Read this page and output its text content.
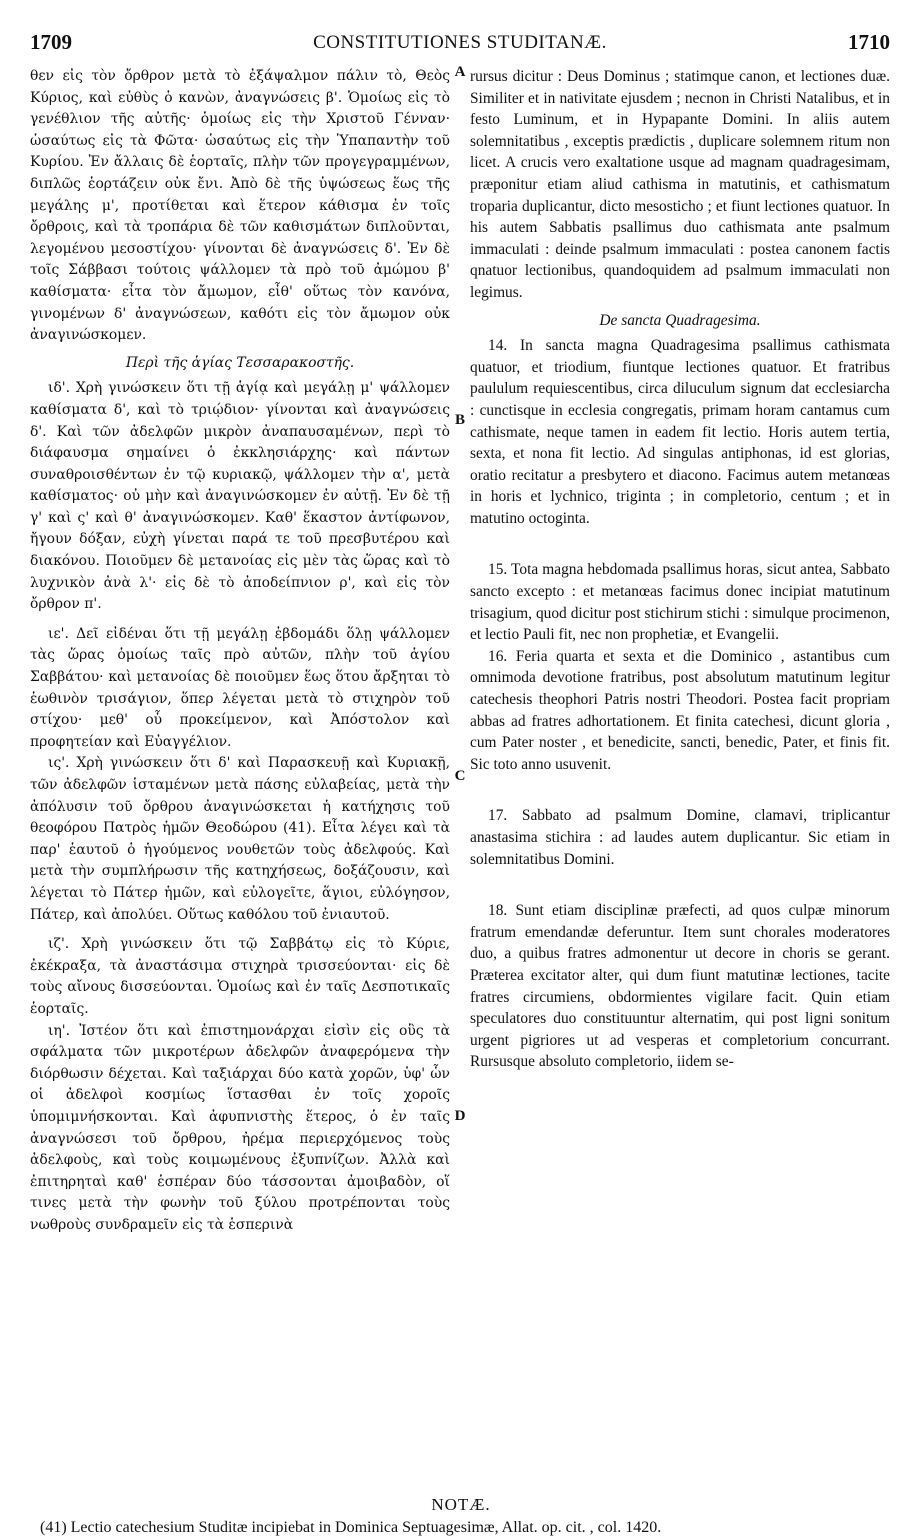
1709	CONSTITUTIONES STUDITANÆ.	1710

θεν εἰς τὸν ὄρθρον μετὰ τὸ ἐξάψαλμον πάλιν τὸ, Θεὸς Κύριος, καὶ εὐθὺς ὁ κανὼν, ἀναγνώσεις β'. Ὁμοίως εἰς τὸ γενέθλιον τῆς αὐτῆς· ὁμοίως εἰς τὴν Χριστοῦ Γένναν· ὡσαύτως εἰς τὰ Φῶτα· ὡσαύτως εἰς τὴν Ὑπαπαντὴν τοῦ Κυρίου. Ἐν ἄλλαις δὲ ἑορταῖς, πλὴν τῶν προγεγραμμένων, διπλῶς ἑορτάζειν οὐκ ἔνι. Ἀπὸ δὲ τῆς ὑψώσεως ἕως τῆς μεγάλης μ', προτίθεται καὶ ἕτερον κάθισμα ἐν τοῖς ὄρθροις, καὶ τὰ τροπάρια δὲ τῶν καθισμάτων διπλοῦνται, λεγομένου μεσοστίχου· γίνονται δὲ ἀναγνώσεις δ'. Ἐν δὲ τοῖς Σάββασι τούτοις ψάλλομεν τὰ πρὸ τοῦ ἀμώμου β' καθίσματα· εἶτα τὸν ἄμωμον, εἶθ' οὕτως τὸν κανόνα, γινομένων δ' ἀναγνώσεων, καθότι εἰς τὸν ἄμωμον οὐκ ἀναγινώσκομεν.

Περὶ τῆς ἁγίας Τεσσαρακοστῆς.

ιδ'. Χρὴ γινώσκειν ὅτι τῇ ἁγίᾳ καὶ μεγάλῃ μ' ψάλλομεν καθίσματα δ', καὶ τὸ τριῴδιον· γίνονται καὶ ἀναγνώσεις δ'. Καὶ τῶν ἀδελφῶν μικρὸν ἀναπαυσαμένων, περὶ τὸ διάφαυσμα σημαίνει ὁ ἐκκλησιάρχης· καὶ πάντων συναθροισθέντων ἐν τῷ κυριακῷ, ψάλλομεν τὴν α', μετὰ καθίσματος· οὐ μὴν καὶ ἀναγινώσκομεν ἐν αὐτῇ. Ἐν δὲ τῇ γ' καὶ ς' καὶ θ' ἀναγινώσκομεν. Καθ' ἕκαστον ἀντίφωνον, ἤγουν δόξαν, εὐχὴ γίνεται παρά τε τοῦ πρεσβυτέρου καὶ διακόνου. Ποιοῦμεν δὲ μετανοίας εἰς μὲν τὰς ὥρας καὶ τὸ λυχνικὸν ἀνὰ λ'· εἰς δὲ τὸ ἀποδείπνιον ρ', καὶ εἰς τὸν ὄρθρον π'.

ιε'. Δεῖ εἰδέναι ὅτι τῇ μεγάλῃ ἑβδομάδι ὅλῃ ψάλλομεν τὰς ὥρας ὁμοίως ταῖς πρὸ αὐτῶν, πλὴν τοῦ ἁγίου Σαββάτου· καὶ μετανοίας δὲ ποιοῦμεν ἕως ὅτου ἄρξηται τὸ ἑωθινὸν τρισάγιον, ὅπερ λέγεται μετὰ τὸ στιχηρὸν τοῦ στίχου· μεθ' οὗ προκείμενον, καὶ Ἀπόστολον καὶ προφητείαν καὶ Εὐαγγέλιον.

ις'. Χρὴ γινώσκειν ὅτι δ' καὶ Παρασκευῇ καὶ Κυριακῇ, τῶν ἀδελφῶν ἱσταμένων μετὰ πάσης εὐλαβείας, μετὰ τὴν ἀπόλυσιν τοῦ ὄρθρου ἀναγινώσκεται ἡ κατήχησις τοῦ θεοφόρου Πατρὸς ἡμῶν Θεοδώρου (41). Εἶτα λέγει καὶ τὰ παρ' ἑαυτοῦ ὁ ἡγούμενος νουθετῶν τοὺς ἀδελφούς. Καὶ μετὰ τὴν συμπλήρωσιν τῆς κατηχήσεως, δοξάζουσιν, καὶ λέγεται τὸ Πάτερ ἡμῶν, καὶ εὐλογεῖτε, ἅγιοι, εὐλόγησον, Πάτερ, καὶ ἀπολύει. Οὕτως καθόλου τοῦ ἐνιαυτοῦ.

ιζ'. Χρὴ γινώσκειν ὅτι τῷ Σαββάτῳ εἰς τὸ Κύριε, ἐκέκραξα, τὰ ἀναστάσιμα στιχηρὰ τρισσεύονται· εἰς δὲ τοὺς αἴνους δισσεύονται. Ὁμοίως καὶ ἐν ταῖς Δεσποτικαῖς ἑορταῖς.

ιη'. Ἰστέον ὅτι καὶ ἐπιστημονάρχαι εἰσὶν εἰς οὓς τὰ σφάλματα τῶν μικροτέρων ἀδελφῶν ἀναφερόμενα τὴν διόρθωσιν δέχεται. Καὶ ταξιάρχαι δύο κατὰ χορῶν, ὑφ' ὧν οἱ ἀδελφοὶ κοσμίως ἵστασθαι ἐν τοῖς χοροῖς ὑπομιμνήσκονται. Καὶ ἀφυπνιστὴς ἕτερος, ὁ ἐν ταῖς ἀναγνώσεσι τοῦ ὄρθρου, ἠρέμα περιερχόμενος τοὺς ἀδελφοὺς, καὶ τοὺς κοιμωμένους ἐξυπνίζων. Ἀλλὰ καὶ ἐπιτηρηταὶ καθ' ἑσπέραν δύο τάσσονται ἀμοιβαδὸν, οἵ τινες μετὰ τὴν φωνὴν τοῦ ξύλου προτρέπονται τοὺς νωθροὺς συνδραμεῖν εἰς τὰ ἑσπερινὰ

A
B
C
D

rursus dicitur : Deus Dominus ; statimque canon, et lectiones duæ. Similiter et in nativitate ejusdem ; necnon in Christi Natalibus, et in festo Luminum, et in Hypapante Domini. In aliis autem solemnitatibus , exceptis prædictis , duplicare solemnem ritum non licet. A crucis vero exaltatione usque ad magnam quadragesimam, præponitur etiam aliud cathisma in matutinis, et cathismatum troparia duplicantur, dicto mesosticho ; et fiunt lectiones quatuor. In his autem Sabbatis psallimus duo cathismata ante psalmum immaculati : deinde psalmum immaculati : postea canonem factis qnatuor lectionibus, quandoquidem ad psalmum immaculati non legimus.

De sancta Quadragesima.

14. In sancta magna Quadragesima psallimus cathismata quatuor, et triodium, fiuntque lectiones quatuor. Et fratribus paululum requiescentibus, circa diluculum signum dat ecclesiarcha : cunctisque in ecclesia congregatis, primam horam cantamus cum cathismate, neque tamen in eadem fit lectio. Horis autem tertia, sexta, et nona fit lectio. Ad singulas antiphonas, id est glorias, oratio recitatur a presbytero et diacono. Facimus autem metanœas in horis et lychnico, triginta ; in completorio, centum ; et in matutino octoginta.

15. Tota magna hebdomada psallimus horas, sicut antea, Sabbato sancto excepto : et metanœas facimus donec incipiat matutinum trisagium, quod dicitur post stichirum stichi : simulque procimenon, et lectio Pauli fit, nec non prophetiæ, et Evangelii.

16. Feria quarta et sexta et die Dominico , astantibus cum omnimoda devotione fratribus, post absolutum matutinum legitur catechesis theophori Patris nostri Theodori. Postea facit propriam abbas ad fratres adhortationem. Et finita catechesi, dicunt gloria , cum Pater noster , et benedicite, sancti, benedic, Pater, et finis fit. Sic toto anno usuvenit.

17. Sabbato ad psalmum Domine, clamavi, triplicantur anastasima stichira : ad laudes autem duplicantur. Sic etiam in solemnitatibus Domini.

18. Sunt etiam disciplinæ præfecti, ad quos culpæ minorum fratrum emendandæ deferuntur. Item sunt chorales moderatores duo, a quibus fratres admonentur ut decore in choris se gerant. Præterea excitator alter, qui dum fiunt matutinæ lectiones, tacite fratres circumiens, obdormientes vigilare facit. Quin etiam speculatores duo constituuntur alternatim, qui post ligni sonitum urgent pigriores ut ad vesperas et completorium concurrant. Rursusque absoluto completorio, iidem se-

NOTÆ.
(41) Lectio catechesium Studitæ incipiebat in Dominica Septuagesimæ, Allat. op. cit. , col. 1420.
